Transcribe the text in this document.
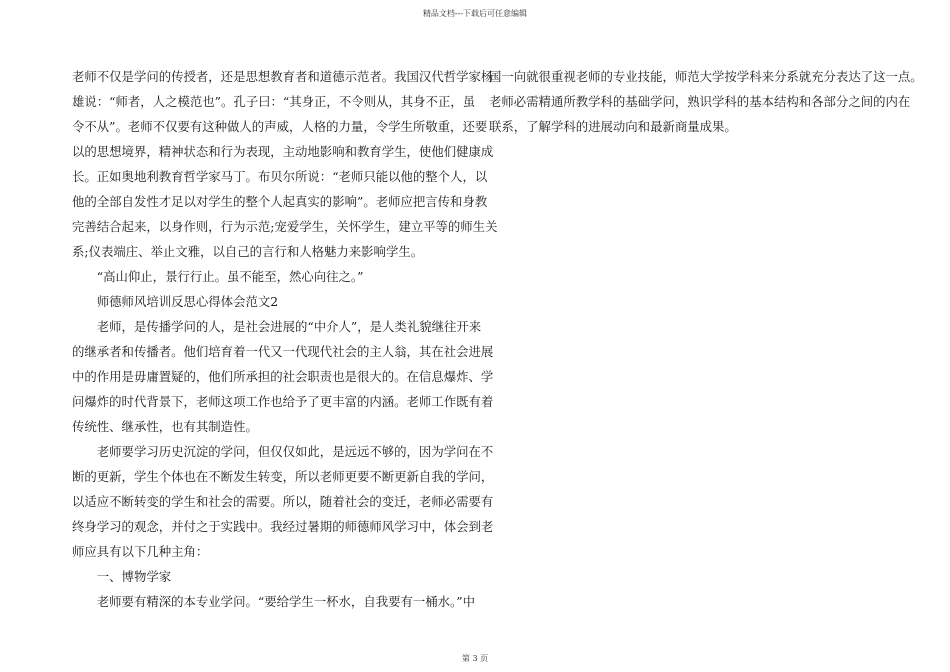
精品文档---下载后可任意编辑
老师不仅是学问的传授者，还是思想教育者和道德示范者。我国汉代哲学家杨
雄说：“师者，人之模范也”。孔子曰：“其身正，不令则从，其身不正，虽
令不从”。老师不仅要有这种做人的声威，人格的力量，令学生所敬重，还要
以的思想境界，精神状态和行为表现，主动地影响和教育学生，使他们健康成
长。正如奥地利教育哲学家马丁。布贝尔所说：“老师只能以他的整个人，以
他的全部自发性才足以对学生的整个人起真实的影响”。老师应把言传和身教
完善结合起来，以身作则，行为示范;宠爱学生，关怀学生，建立平等的师生关
系;仪表端庄、举止文雅，以自己的言行和人格魅力来影响学生。
　　“高山仰止，景行行止。虽不能至，然心向往之。”
　　师德师风培训反思心得体会范文2
　　老师，是传播学问的人，是社会进展的“中介人”，是人类礼貌继往开来
的继承者和传播者。他们培育着一代又一代现代社会的主人翁，其在社会进展
中的作用是毋庸置疑的，他们所承担的社会职责也是很大的。在信息爆炸、学
问爆炸的时代背景下，老师这项工作也给予了更丰富的内涵。老师工作既有着
传统性、继承性，也有其制造性。
　　老师要学习历史沉淀的学问，但仅仅如此，是远远不够的，因为学问在不
断的更新，学生个体也在不断发生转变，所以老师更要不断更新自我的学问，
以适应不断转变的学生和社会的需要。所以，随着社会的变迁，老师必需要有
终身学习的观念，并付之于实践中。我经过暑期的师德师风学习中，体会到老
师应具有以下几种主角：
　　一、博物学家
　　老师要有精深的本专业学问。“要给学生一杯水，自我要有一桶水。”中
国一向就很重视老师的专业技能，师范大学按学科来分系就充分表达了这一点。
老师必需精通所教学科的基础学问，熟识学科的基本结构和各部分之间的内在
联系，了解学科的进展动向和最新商量成果。
第 3 页
